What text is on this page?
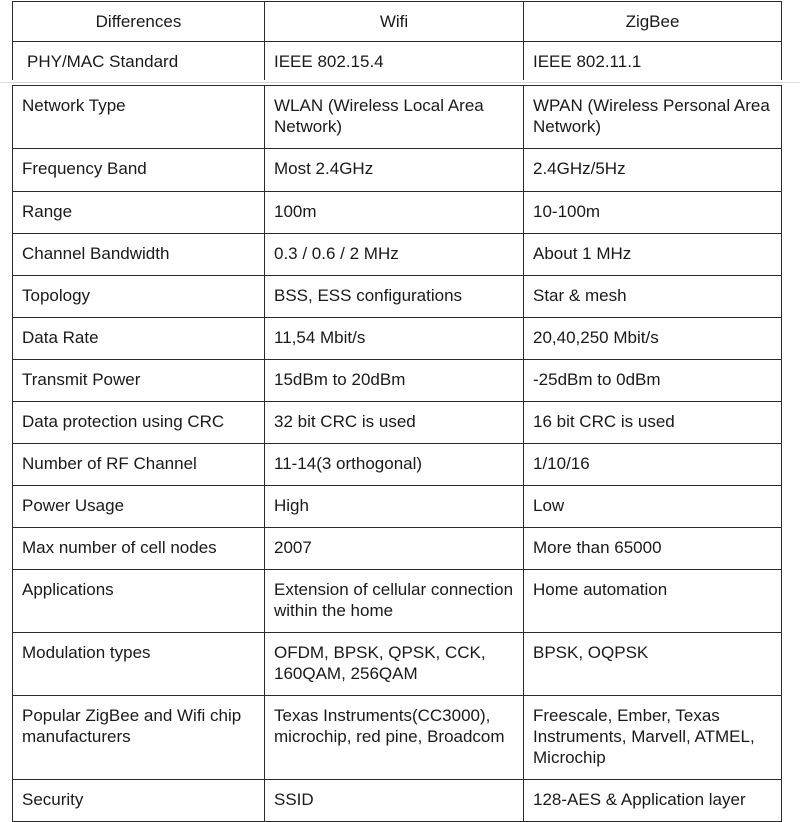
Differences	Wifi	ZigBee
PHY/MAC Standard	IEEE 802.15.4	IEEE 802.11.1
Network Type	WLAN (Wireless Local Area Network)	WPAN (Wireless Personal Area Network)
Frequency Band	Most 2.4GHz	2.4GHz/5Hz
Range	100m	10-100m
Channel Bandwidth	0.3 / 0.6 / 2 MHz	About 1 MHz
Topology	BSS, ESS configurations	Star & mesh
Data Rate	11,54 Mbit/s	20,40,250 Mbit/s
Transmit Power	15dBm to 20dBm	-25dBm to 0dBm
Data protection using CRC	32 bit CRC is used	16 bit CRC is used
Number of RF Channel	11-14(3 orthogonal)	1/10/16
Power Usage	High	Low
Max number of cell nodes	2007	More than 65000
Applications	Extension of cellular connection within the home	Home automation
Modulation types	OFDM, BPSK, QPSK, CCK, 160QAM, 256QAM	BPSK, OQPSK
Popular ZigBee and Wifi chip manufacturers	Texas Instruments(CC3000), microchip, red pine, Broadcom	Freescale, Ember, Texas Instruments, Marvell, ATMEL, Microchip
Security	SSID	128-AES & Application layer
